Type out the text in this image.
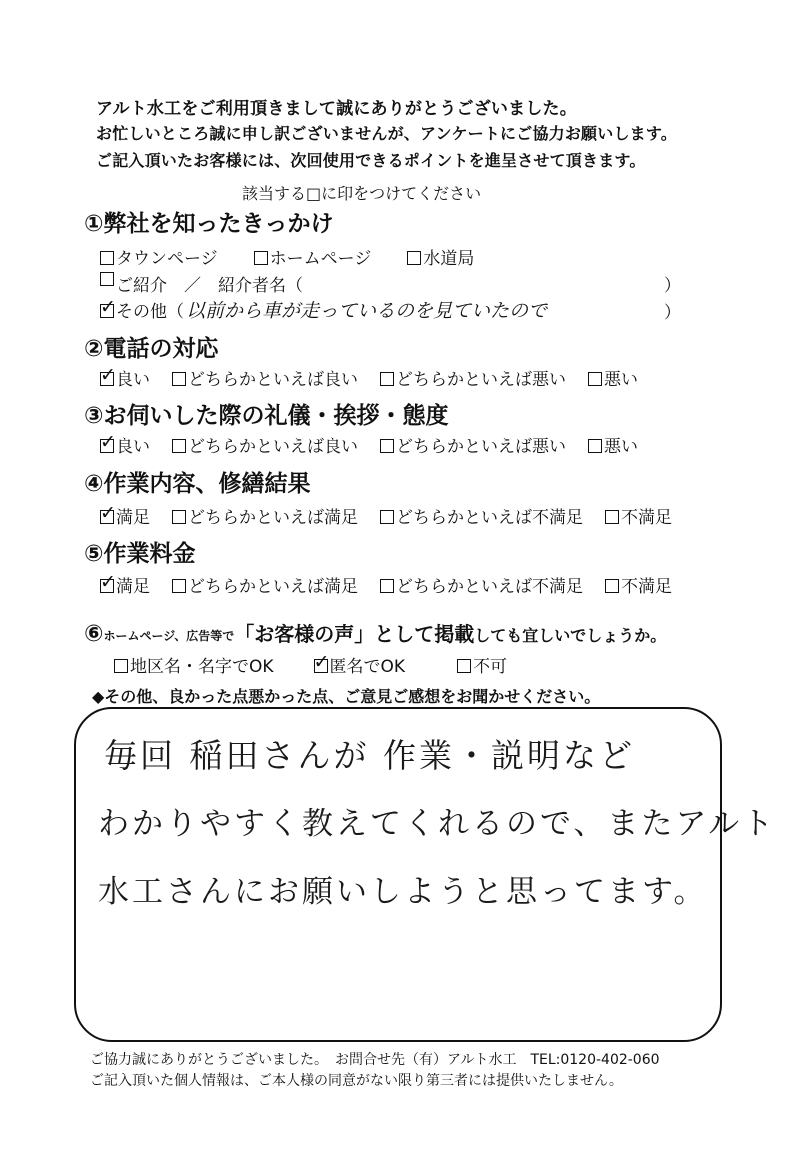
アルト水工をご利用頂きまして誠にありがとうございました。
お忙しいところ誠に申し訳ございませんが、アンケートにご協力お願いします。
ご記入頂いたお客様には、次回使用できるポイントを進呈させて頂きます。
該当する□に印をつけてください
①弊社を知ったきっかけ
タウンページ	ホームページ	水道局
ご紹介　／　紹介者名（	）
✓
その他（ 以前から車が走っているのを見ていたので	）
②電話の対応
✓
良い どちらかといえば良い どちらかといえば悪い 悪い
③お伺いした際の礼儀・挨拶・態度
✓
良い どちらかといえば良い どちらかといえば悪い 悪い
④作業内容、修繕結果
✓
満足 どちらかといえば満足 どちらかといえば不満足 不満足
⑤作業料金
✓
満足 どちらかといえば満足 どちらかといえば不満足 不満足
⑥ ホームページ、広告等で 「お客様の声」 として掲載 しても宜しいでしょうか。
地区名・名字でOK
✓	匿名でOK	不可
◆その他、良かった点悪かった点、ご意見ご感想をお聞かせください。
毎回 稲田さんが 作業・説明など
わかりやすく教えてくれるので、またアルト
水工さんにお願いしようと思ってます。
ご協力誠にありがとうございました。　お問合せ先（有）アルト水工　TEL:0120-402-060
ご記入頂いた個人情報は、ご本人様の同意がない限り第三者には提供いたしません。
